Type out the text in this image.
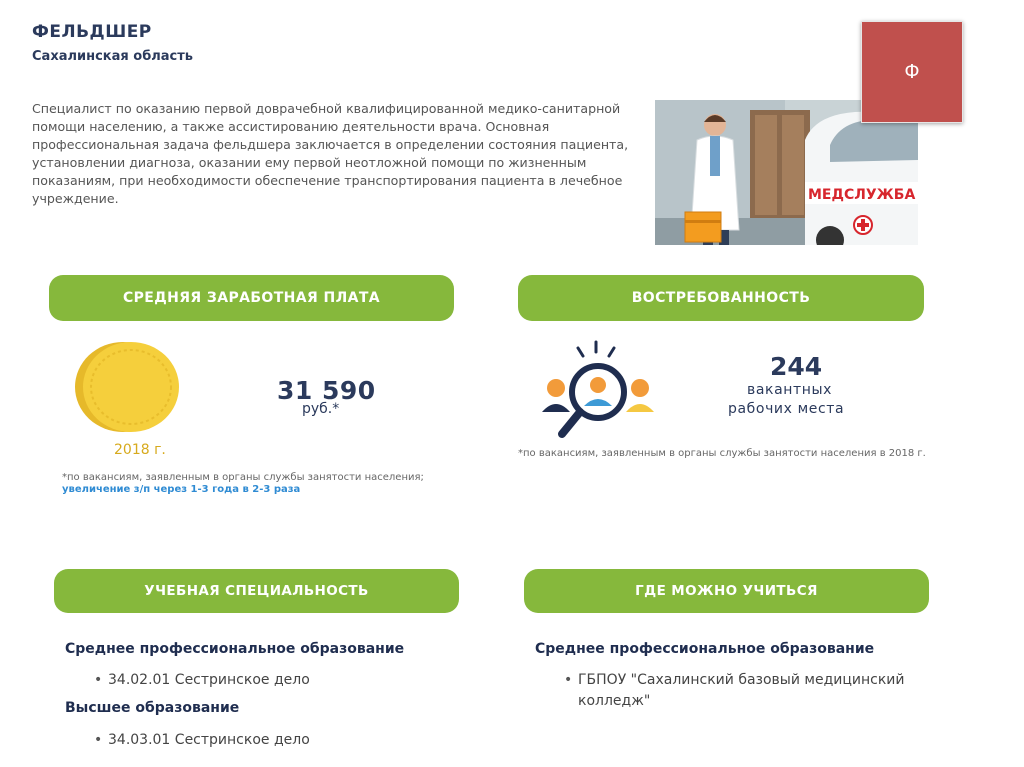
ФЕЛЬДШЕР
Сахалинская область
Специалист по оказанию первой доврачебной квалифицированной медико-санитарной помощи населению, а также ассистированию деятельности врача. Основная профессиональная задача фельдшера заключается в определении состояния пациента, установлении диагноза, оказании ему первой неотложной помощи по жизненным показаниям, при необходимости обеспечение транспортирования пациента в лечебное учреждение.	МЕДСЛУЖБА
Ф
СРЕДНЯЯ ЗАРАБОТНАЯ ПЛАТА	ВОСТРЕБОВАННОСТЬ
2018 г.
31 590
руб.*
*по вакансиям, заявленным в органы службы занятости населения;
увеличение з/п через 1-3 года в 2-3 раза
244
вакантных
рабочих места
*по вакансиям, заявленным в органы службы занятости населения в 2018 г.
УЧЕБНАЯ СПЕЦИАЛЬНОСТЬ	ГДЕ МОЖНО УЧИТЬСЯ
Среднее профессиональное образование
• 34.02.01 Сестринское дело
Высшее образование
• 34.03.01 Сестринское дело
Среднее профессиональное образование
• ГБПОУ "Сахалинский базовый медицинский колледж"
